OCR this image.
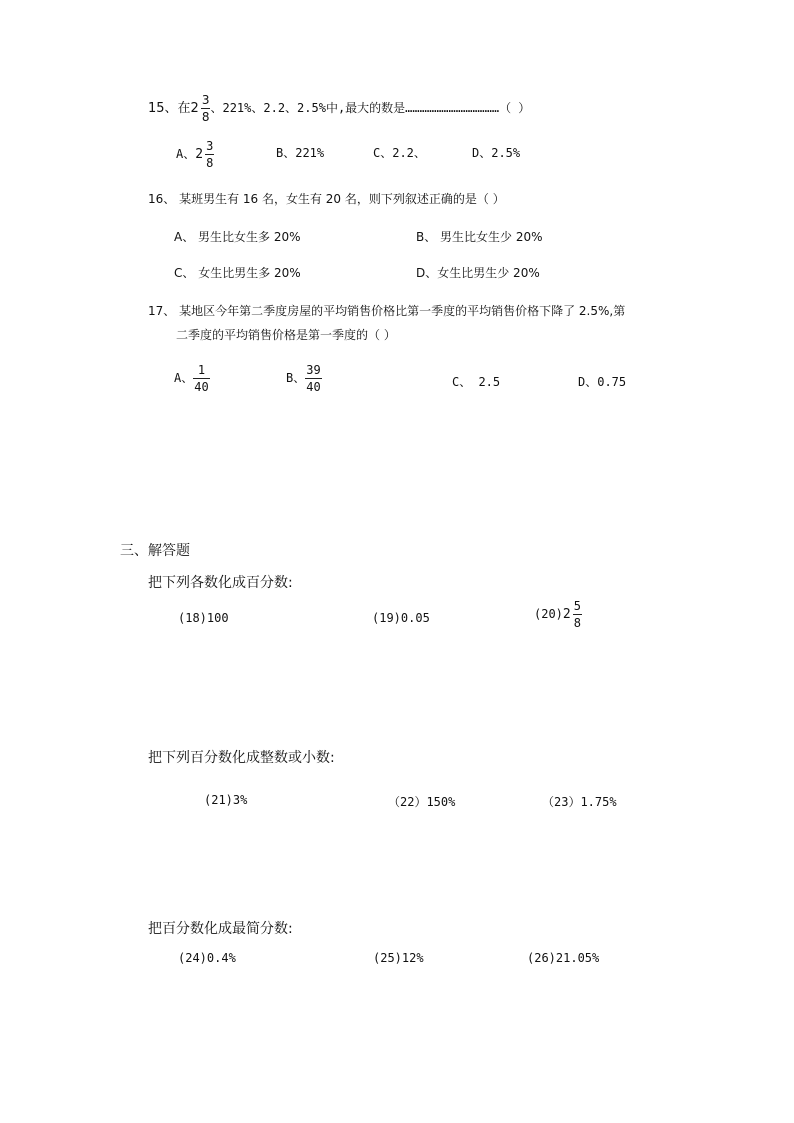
15、在 $2 \frac{3}{8}$ 、221%、2.2、2.5%中,最大的数是…………………………………（ ）
A、 $2 \frac{3}{8}$	B、221%	C、2.2、	D、2.5%
16、 某班男生有 16 名，女生有 20 名，则下列叙述正确的是（ ）
A、 男生比女生多 20%	B、 男生比女生少 20%
C、 女生比男生多 20%	D、女生比男生少 20%
17、 某地区今年第二季度房屋的平均销售价格比第一季度的平均销售价格下降了 2.5%,第
二季度的平均销售价格是第一季度的（ ）
A、 $\frac{1}{40}$	B、 $\frac{39}{40}$	C、 2.5	D、0.75
三、解答题
把下列各数化成百分数:
(18)100	(19)0.05	(20) $2 \frac{5}{8}$
把下列百分数化成整数或小数:
(21)3%	（22）150%	（23）1.75%
把百分数化成最简分数:
(24)0.4%	(25)12%	(26)21.05%
